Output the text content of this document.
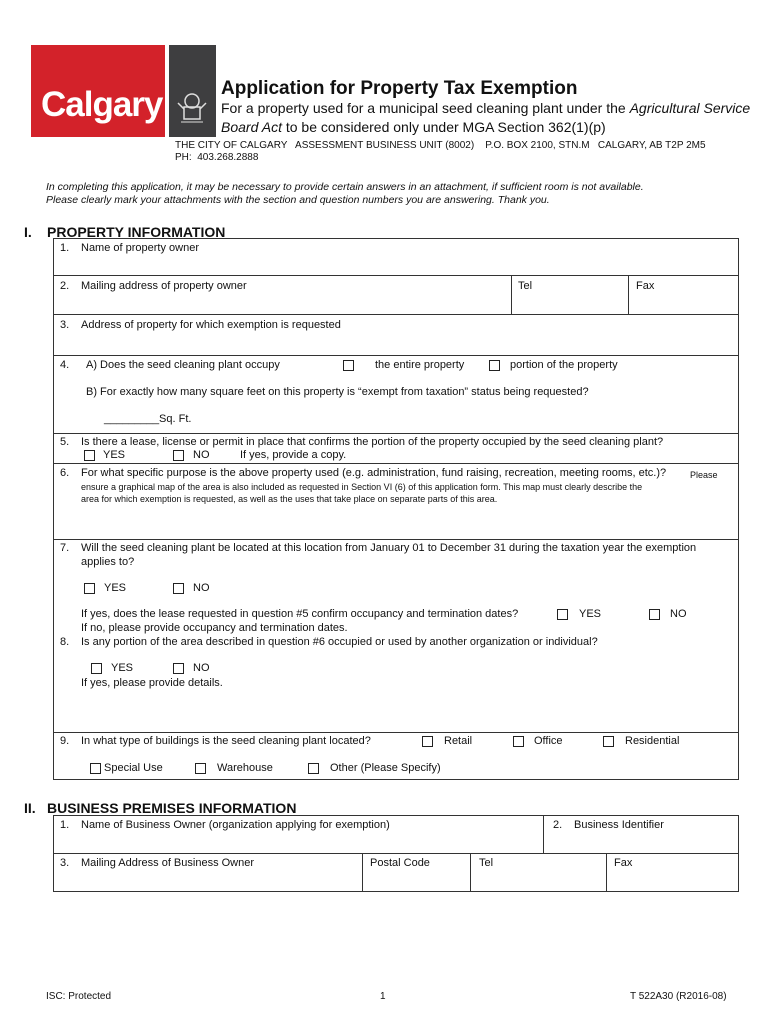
Calgary	Application for Property Tax Exemption
For a property used for a municipal seed cleaning plant under the Agricultural Service Board Act to be considered only under MGA Section 362(1)(p)
THE CITY OF CALGARY   ASSESSMENT BUSINESS UNIT (8002)    P.O. BOX 2100, STN.M   CALGARY, AB T2P 2M5
PH:  403.268.2888
In completing this application, it may be necessary to provide certain answers in an attachment, if sufficient room is not available.
Please clearly mark your attachments with the section and question numbers you are answering. Thank you.
I. PROPERTY INFORMATION
1. Name of property owner
2. Mailing address of property owner	Tel	Fax
3. Address of property for which exemption is requested
4. A) Does the seed cleaning plant occupy	the entire property	portion of the property
B) For exactly how many square feet on this property is “exempt from taxation” status being requested?
_________Sq. Ft.
5. Is there a lease, license or permit in place that confirms the portion of the property occupied by the seed cleaning plant?
YES	NO	If yes, provide a copy.
6. For what specific purpose is the above property used (e.g. administration, fund raising, recreation, meeting rooms, etc.)?	Please
ensure a graphical map of the area is also included as requested in Section VI (6) of this application form. This map must clearly describe the
area for which exemption is requested, as well as the uses that take place on separate parts of this area.
7. Will the seed cleaning plant be located at this location from January 01 to December 31 during the taxation year the exemption
applies to?
YES	NO
If yes, does the lease requested in question #5 confirm occupancy and termination dates?	YES	NO
If no, please provide occupancy and termination dates.
8. Is any portion of the area described in question #6 occupied or used by another organization or individual?
YES	NO
If yes, please provide details.
9. In what type of buildings is the seed cleaning plant located?	Retail	Office	Residential
Special Use	Warehouse	Other (Please Specify)
II. BUSINESS PREMISES INFORMATION
1. Name of Business Owner (organization applying for exemption)	2. Business Identifier
3. Mailing Address of Business Owner	Postal Code	Tel	Fax
ISC: Protected	1	T 522A30 (R2016-08)
